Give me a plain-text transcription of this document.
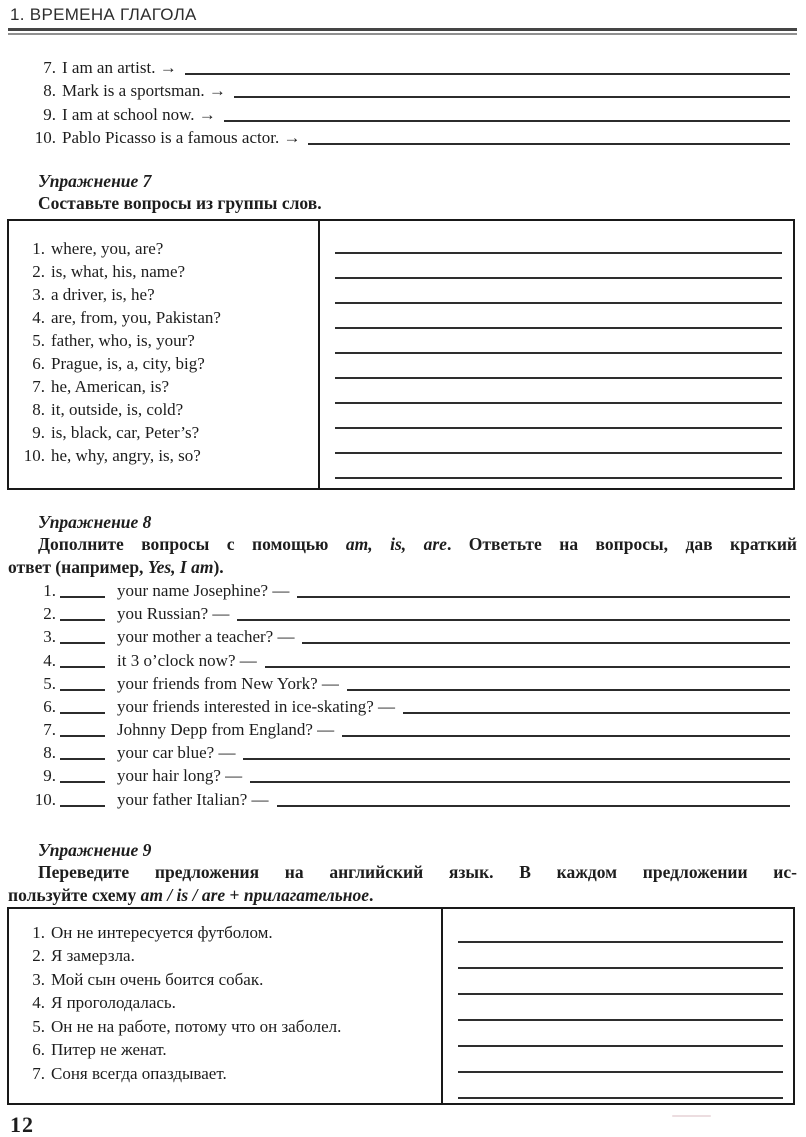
1. ВРЕМЕНА ГЛАГОЛА
7. I am an artist. →
8. Mark is a sportsman. →
9. I am at school now. →
10. Pablo Picasso is a famous actor. →
Упражнение 7
Составьте вопросы из группы слов.
1. where, you, are?
2. is, what, his, name?
3. a driver, is, he?
4. are, from, you, Pakistan?
5. father, who, is, your?
6. Prague, is, a, city, big?
7. he, American, is?
8. it, outside, is, cold?
9. is, black, car, Peter’s?
10. he, why, angry, is, so?
Упражнение 8
Дополните вопросы с помощью am, is, are. Ответьте на вопросы, дав краткий
ответ (например, Yes, I am).
1.	your name Josephine? —
2.	you Russian? —
3.	your mother a teacher? —
4.	it 3 o’clock now? —
5.	your friends from New York? —
6.	your friends interested in ice-skating? —
7.	Johnny Depp from England? —
8.	your car blue? —
9.	your hair long? —
10.	your father Italian? —
Упражнение 9
Переведите предложения на английский язык. В каждом предложении ис-
пользуйте схему am / is / are + прилагательное.
1. Он не интересуется футболом.
2. Я замерзла.
3. Мой сын очень боится собак.
4. Я проголодалась.
5. Он не на работе, потому что он заболел.
6. Питер не женат.
7. Соня всегда опаздывает.
12
